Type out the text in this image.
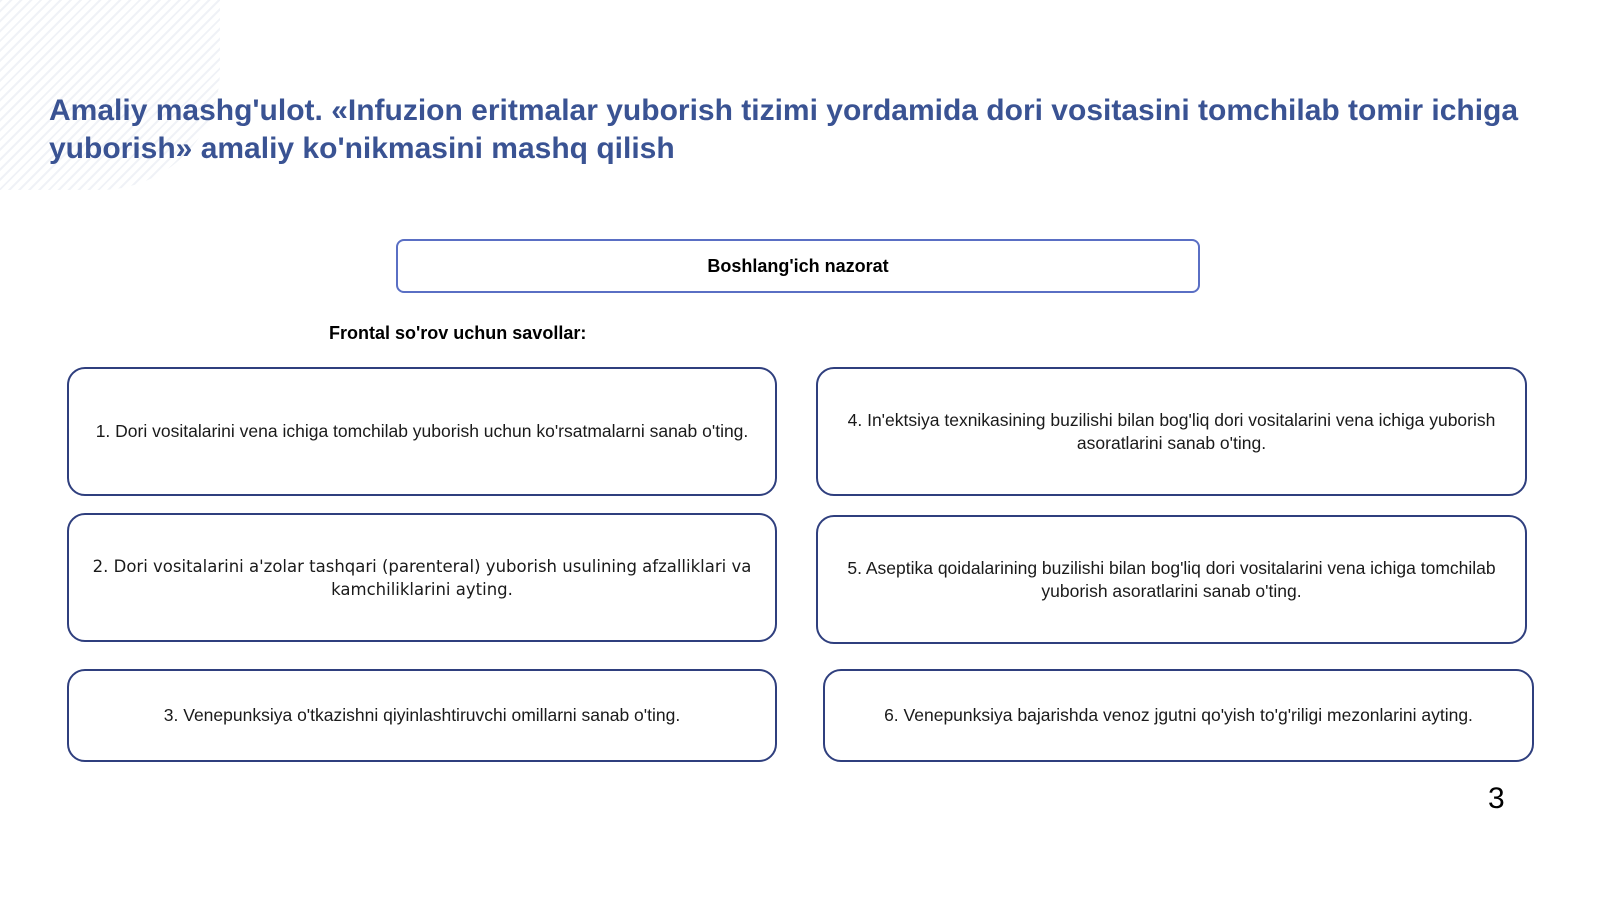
Amaliy mashg'ulot. «Infuzion eritmalar yuborish tizimi yordamida dori vositasini tomchilab tomir ichiga yuborish» amaliy ko'nikmasini mashq qilish
Boshlang'ich nazorat

Frontal so'rov uchun savollar:

1. Dori vositalarini vena ichiga tomchilab yuborish uchun ko'rsatmalarni sanab o'ting.
2. Dori vositalarini a'zolar tashqari (parenteral) yuborish usulining afzalliklari va kamchiliklarini ayting.
3. Venepunksiya o'tkazishni qiyinlashtiruvchi omillarni sanab o'ting.
4. In'ektsiya texnikasining buzilishi bilan bog'liq dori vositalarini vena ichiga yuborish asoratlarini sanab o'ting.
5. Aseptika qoidalarining buzilishi bilan bog'liq dori vositalarini vena ichiga tomchilab yuborish asoratlarini sanab o'ting.
6. Venepunksiya bajarishda venoz jgutni qo'yish to'g'riligi mezonlarini ayting.
3
